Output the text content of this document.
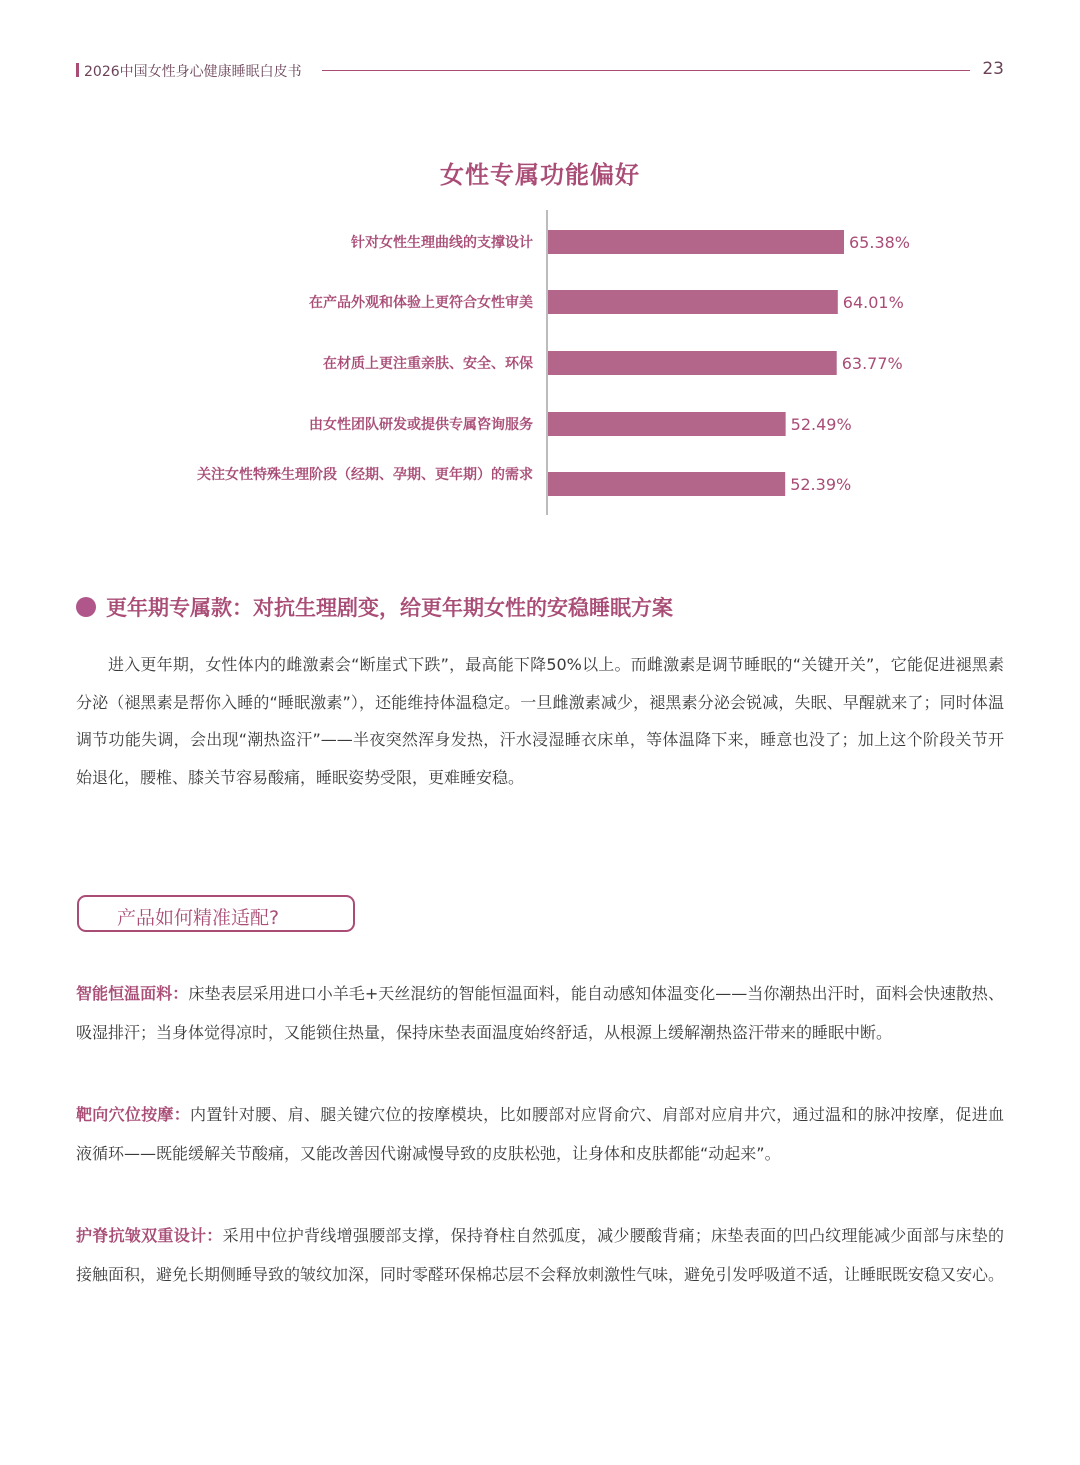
2026中国女性身心健康睡眠白皮书	23
女性专属功能偏好
针对女性生理曲线的支撑设计	65.38%
在产品外观和体验上更符合女性审美	64.01%
在材质上更注重亲肤、安全、环保	63.77%
由女性团队研发或提供专属咨询服务	52.49%
关注女性特殊生理阶段（经期、孕期、更年期）的需求	52.39%
更年期专属款：对抗生理剧变，给更年期女性的安稳睡眠方案

进入更年期，女性体内的雌激素会“断崖式下跌”，最高能下降50%以上。而雌激素是调节睡眠的“关键开关”，它能促进褪黑素分泌（褪黑素是帮你入睡的“睡眠激素”），还能维持体温稳定。一旦雌激素减少，褪黑素分泌会锐减，失眠、早醒就来了；同时体温调节功能失调，会出现“潮热盗汗”——半夜突然浑身发热，汗水浸湿睡衣床单，等体温降下来，睡意也没了；加上这个阶段关节开始退化，腰椎、膝关节容易酸痛，睡眠姿势受限，更难睡安稳。

产品如何精准适配?

智能恒温面料：床垫表层采用进口小羊毛+天丝混纺的智能恒温面料，能自动感知体温变化——当你潮热出汗时，面料会快速散热、吸湿排汗；当身体觉得凉时，又能锁住热量，保持床垫表面温度始终舒适，从根源上缓解潮热盗汗带来的睡眠中断。

靶向穴位按摩：内置针对腰、肩、腿关键穴位的按摩模块，比如腰部对应肾俞穴、肩部对应肩井穴，通过温和的脉冲按摩，促进血液循环——既能缓解关节酸痛，又能改善因代谢减慢导致的皮肤松弛，让身体和皮肤都能“动起来”。

护脊抗皱双重设计：采用中位护背线增强腰部支撑，保持脊柱自然弧度，减少腰酸背痛；床垫表面的凹凸纹理能减少面部与床垫的接触面积，避免长期侧睡导致的皱纹加深，同时零醛环保棉芯层不会释放刺激性气味，避免引发呼吸道不适，让睡眠既安稳又安心。
